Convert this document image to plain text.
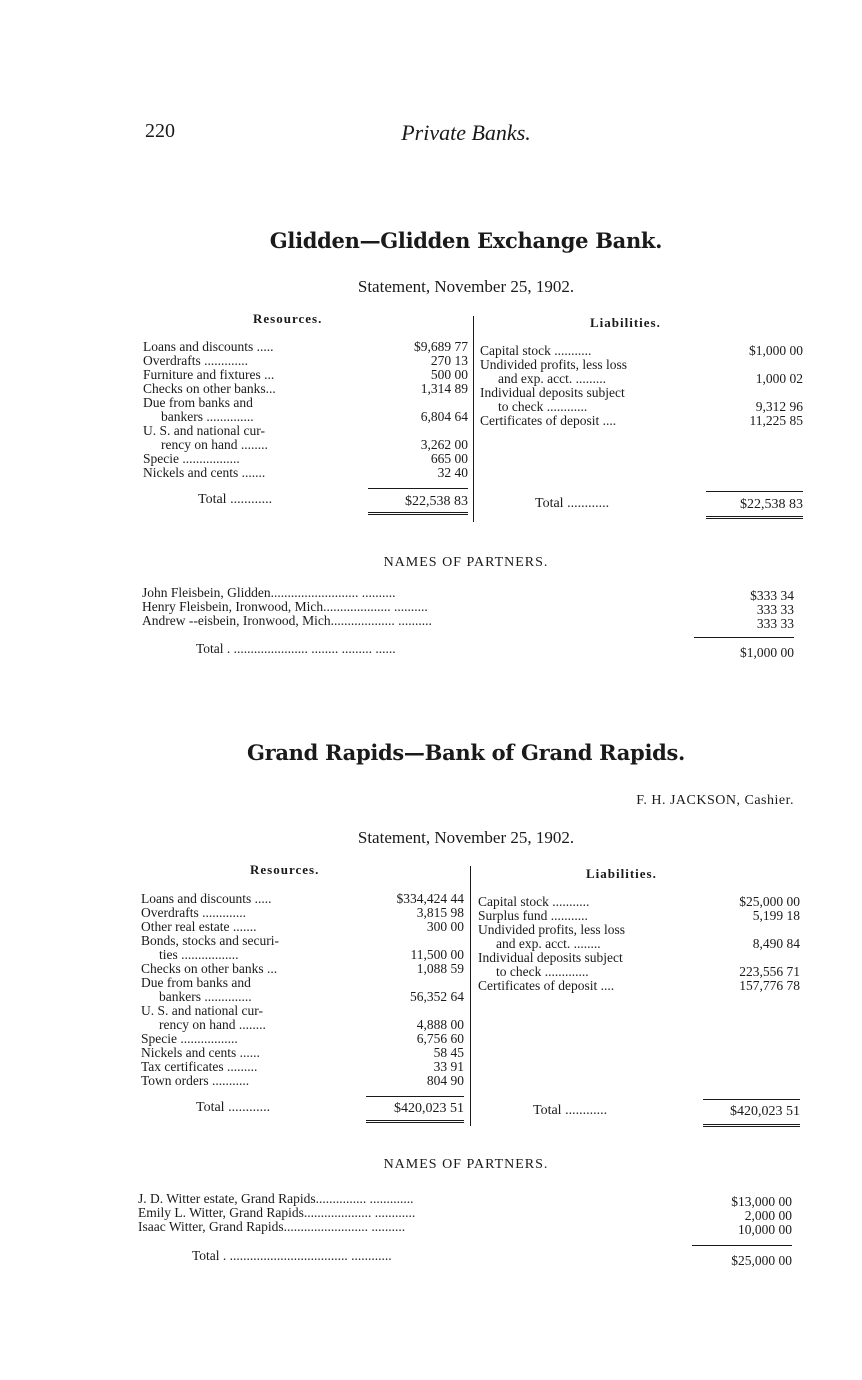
220	Private Banks.
Glidden—Glidden Exchange Bank.
Statement, November 25, 1902.
Resources.	Liabilities.
Loans and discounts .....	$9,689 77
Overdrafts .............	270 13
Furniture and fixtures ...	500 00
Checks on other banks...	1,314 89
Due from banks and
bankers ..............	6,804 64
U. S. and national cur-
rency on hand ........	3,262 00
Specie .................	665 00
Nickels and cents .......	32 40
Capital stock ...........	$1,000 00
Undivided profits, less loss
and exp. acct. .........	1,000 02
Individual deposits subject
to check ............	9,312 96
Certificates of deposit ....	11,225 85
Total ............	$22,538 83	Total ............	$22,538 83
NAMES OF PARTNERS.
John Fleisbein, Glidden.......................... ..........	$333 34
Henry Fleisbein, Ironwood, Mich.................... ..........	333 33
Andrew --eisbein, Ironwood, Mich................... ..........	333 33
Total . ...................... ........ ......... ......	$1,000 00
Grand Rapids—Bank of Grand Rapids.
F. H. JACKSON, Cashier.
Statement, November 25, 1902.
Resources.	Liabilities.
Loans and discounts .....	$334,424 44
Overdrafts .............	3,815 98
Other real estate .......	300 00
Bonds, stocks and securi-
ties .................	11,500 00
Checks on other banks ...	1,088 59
Due from banks and
bankers ..............	56,352 64
U. S. and national cur-
rency on hand ........	4,888 00
Specie .................	6,756 60
Nickels and cents ......	58 45
Tax certificates .........	33 91
Town orders ...........	804 90
Capital stock ...........	$25,000 00
Surplus fund ...........	5,199 18
Undivided profits, less loss
and exp. acct. ........	8,490 84
Individual deposits subject
to check .............	223,556 71
Certificates of deposit ....	157,776 78
Total ............	$420,023 51	Total ............	$420,023 51
NAMES OF PARTNERS.
J. D. Witter estate, Grand Rapids............... .............	$13,000 00
Emily L. Witter, Grand Rapids.................... ............	2,000 00
Isaac Witter, Grand Rapids......................... ..........	10,000 00
Total . ................................... ............	$25,000 00
